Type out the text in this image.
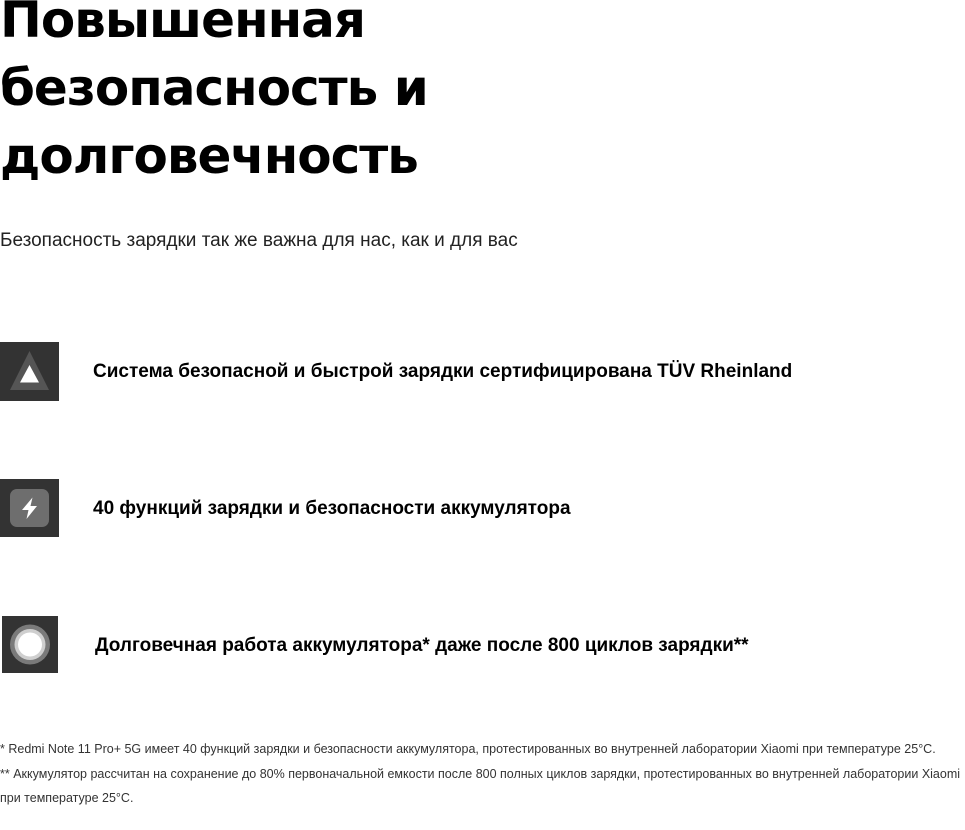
Повышенная
безопасность и
долговечность

Безопасность зарядки так же важна для нас, как и для вас

Система безопасной и быстрой зарядки сертифицирована TÜV Rheinland
40 функций зарядки и безопасности аккумулятора
Долговечная работа аккумулятора* даже после 800 циклов зарядки**

* Redmi Note 11 Pro+ 5G имеет 40 функций зарядки и безопасности аккумулятора, протестированных во внутренней лаборатории Xiaomi при температуре 25°C.

** Аккумулятор рассчитан на сохранение до 80% первоначальной емкости после 800 полных циклов зарядки, протестированных во внутренней лаборатории Xiaomi при температуре 25°C.
